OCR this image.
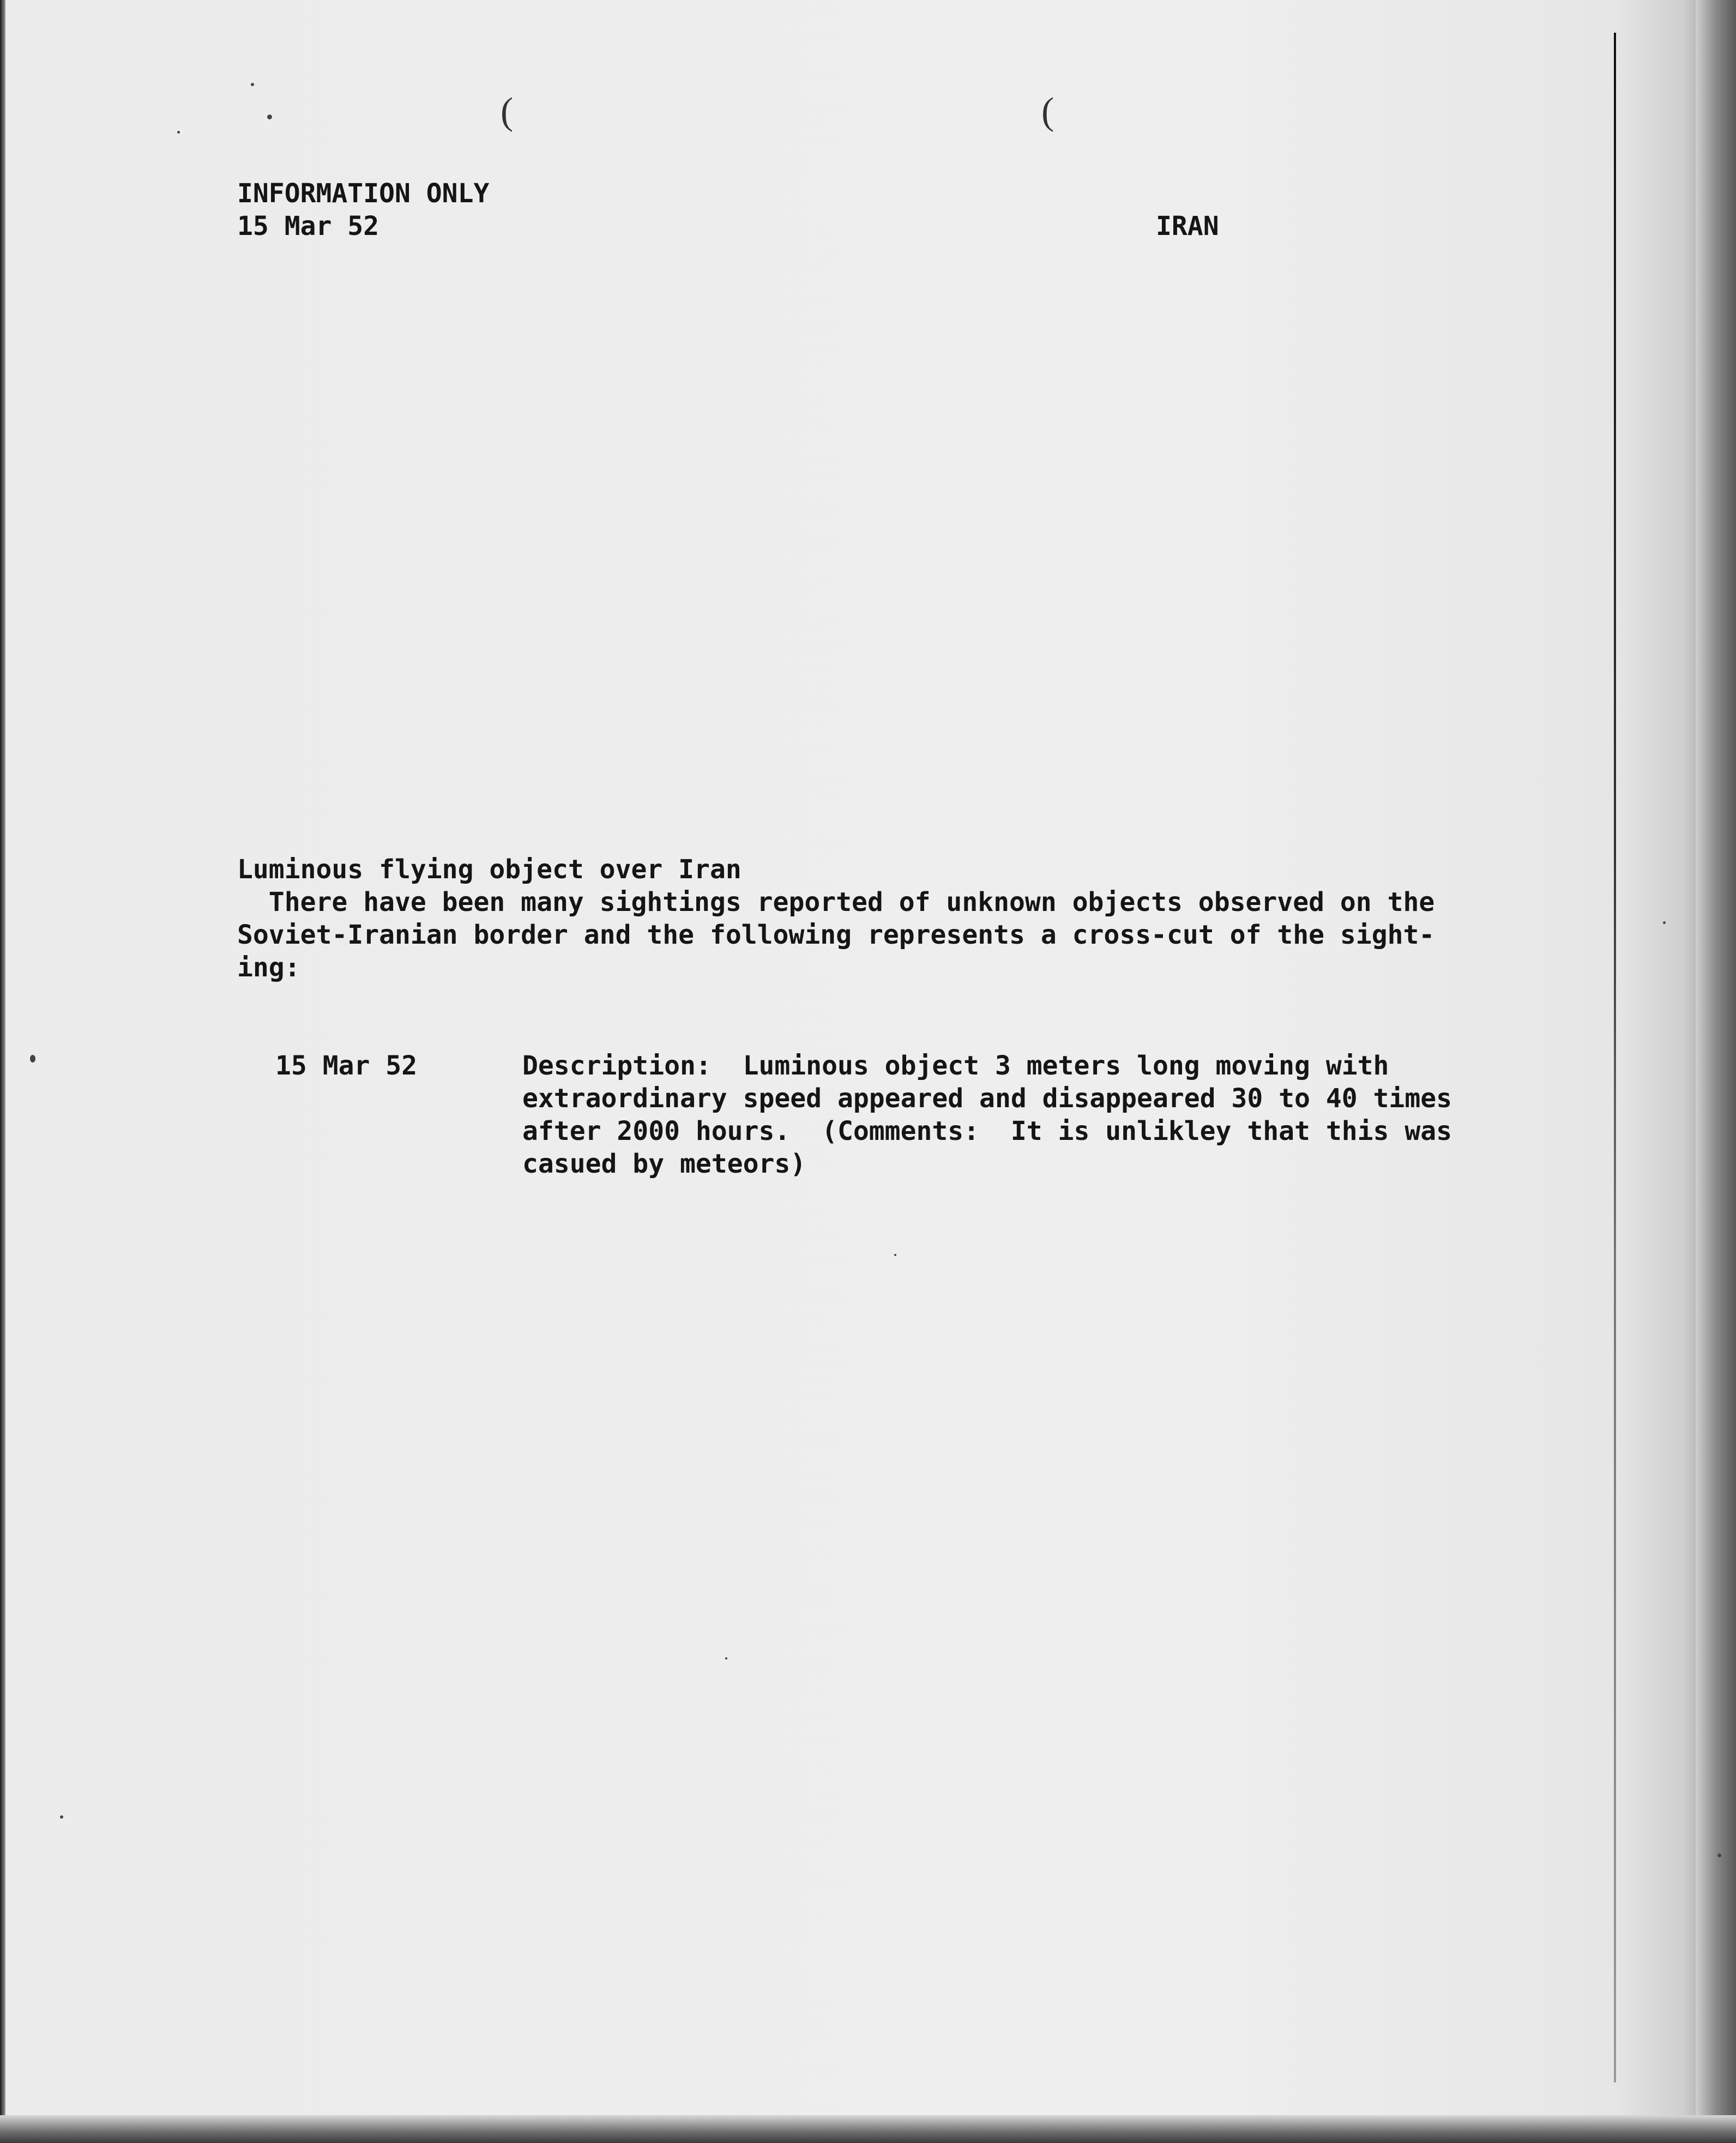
(	(
INFORMATION ONLY
15 Mar 52	IRAN
Luminous flying object over Iran
There have been many sightings reported of unknown objects observed on the
Soviet-Iranian border and the following represents a cross-cut of the sight-
ing:
15 Mar 52	Description:  Luminous object 3 meters long moving with
extraordinary speed appeared and disappeared 30 to 40 times
after 2000 hours.  (Comments:  It is unlikley that this was
casued by meteors)
